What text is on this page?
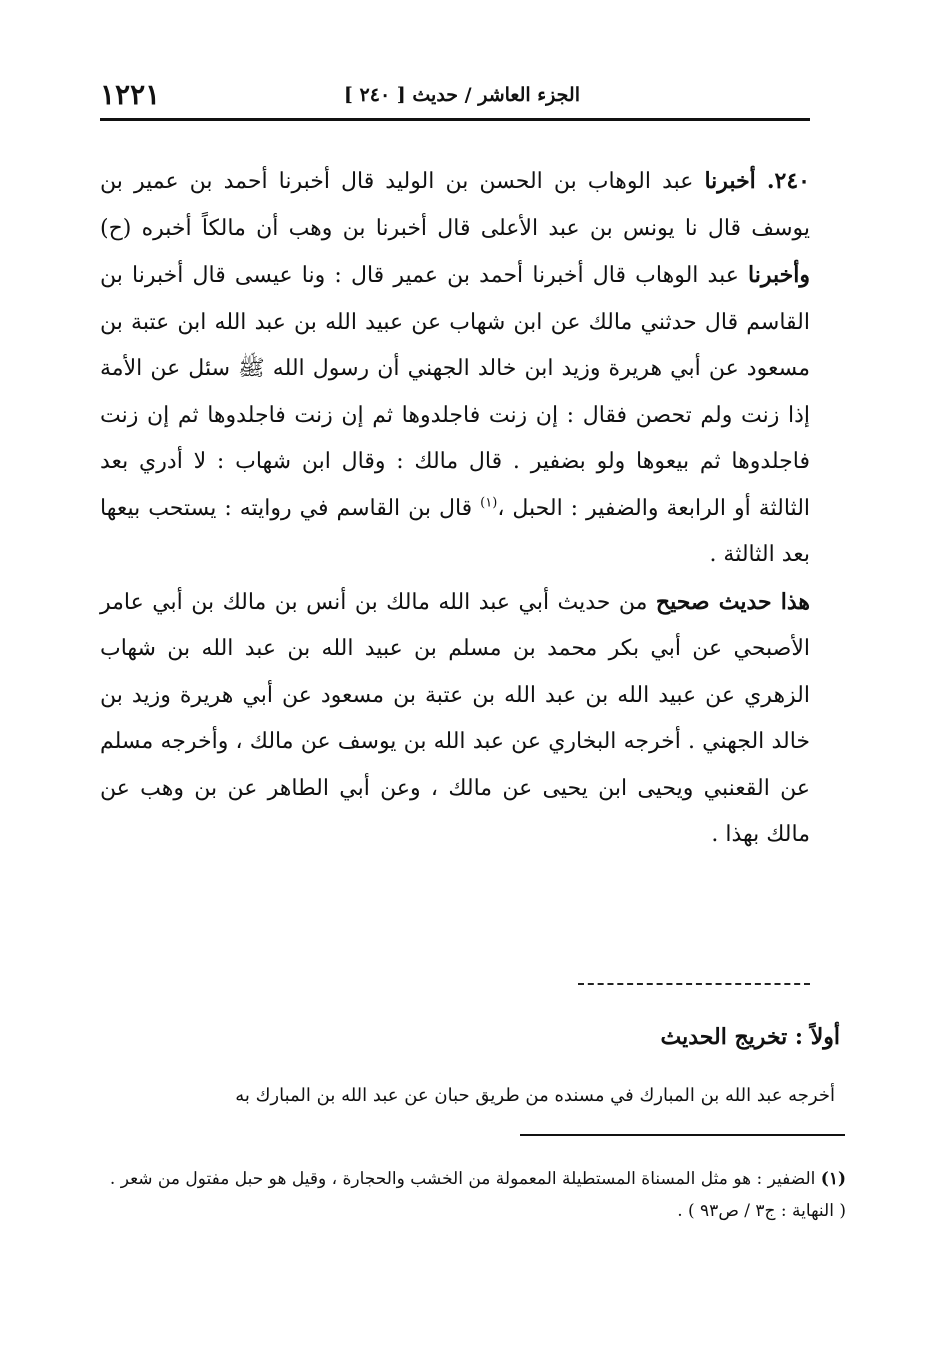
الجزء العاشر / حديث [ ٢٤٠ ]
١٢٢١

٢٤٠. أخبرنا عبد الوهاب بن الحسن بن الوليد قال أخبرنا أحمد بن عمير بن يوسف قال نا يونس بن عبد الأعلى قال أخبرنا بن وهب أن مالكاً أخبره (ح) وأخبرنا عبد الوهاب قال أخبرنا أحمد بن عمير قال : ونا عيسى قال أخبرنا بن القاسم قال حدثني مالك عن ابن شهاب عن عبيد الله بن عبد الله ابن عتبة بن مسعود عن أبي هريرة وزيد ابن خالد الجهني أن رسول الله ﷺ سئل عن الأمة إذا زنت ولم تحصن فقال : إن زنت فاجلدوها ثم إن زنت فاجلدوها ثم إن زنت فاجلدوها ثم بيعوها ولو بضفير . قال مالك : وقال ابن شهاب : لا أدري بعد الثالثة أو الرابعة والضفير : الحبل ،$^{(١)}$ قال بن القاسم في روايته : يستحب بيعها بعد الثالثة .

هذا حديث صحيح من حديث أبي عبد الله مالك بن أنس بن مالك بن أبي عامر الأصبحي عن أبي بكر محمد بن مسلم بن عبيد الله بن عبد الله بن شهاب الزهري عن عبيد الله بن عبد الله بن عتبة بن مسعود عن أبي هريرة وزيد بن خالد الجهني . أخرجه البخاري عن عبد الله بن يوسف عن مالك ، وأخرجه مسلم عن القعنبي ويحيى ابن يحيى عن مالك ، وعن أبي الطاهر عن بن وهب عن مالك بهذا .

أولاً : تخريج الحديث
أخرجه عبد الله بن المبارك في مسنده من طريق حبان عن عبد الله بن المبارك به
(١) الضفير : هو مثل المسناة المستطيلة المعمولة من الخشب والحجارة ، وقيل هو حبل مفتول من شعر . ( النهاية : ج٣ / ص٩٣ ) .
